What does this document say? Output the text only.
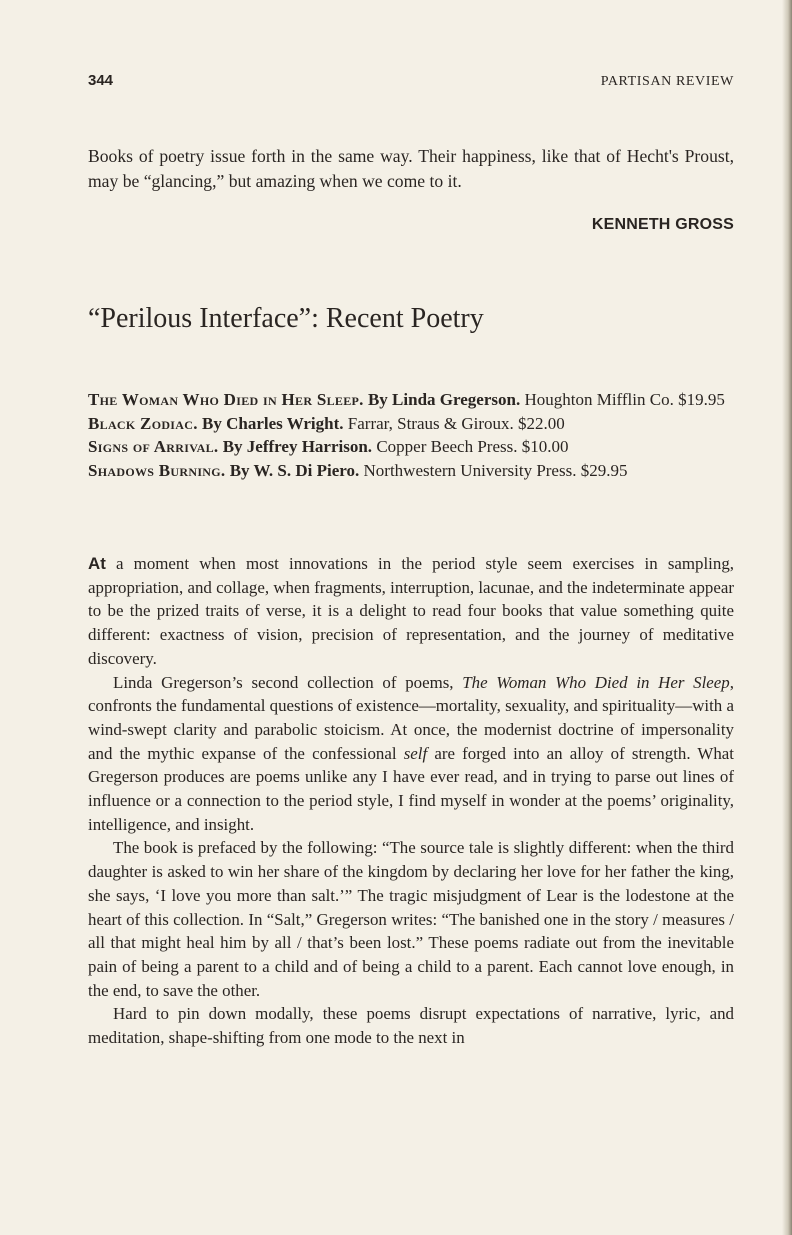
344	PARTISAN REVIEW

Books of poetry issue forth in the same way. Their happiness, like that of Hecht's Proust, may be “glancing,” but amazing when we come to it.

KENNETH GROSS
“Perilous Interface”: Recent Poetry

The Woman Who Died in Her Sleep. By Linda Gregerson. Houghton Mifflin Co. $19.95

Black Zodiac. By Charles Wright. Farrar, Straus & Giroux. $22.00

Signs of Arrival. By Jeffrey Harrison. Copper Beech Press. $10.00

Shadows Burning. By W. S. Di Piero. Northwestern University Press. $29.95

At a moment when most innovations in the period style seem exercises in sampling, appropriation, and collage, when fragments, interruption, lacunae, and the indeterminate appear to be the prized traits of verse, it is a delight to read four books that value something quite different: exactness of vision, precision of representation, and the journey of meditative discovery.

Linda Gregerson’s second collection of poems, The Woman Who Died in Her Sleep, confronts the fundamental questions of existence—mortality, sexuality, and spirituality—with a wind-swept clarity and parabolic stoicism. At once, the modernist doctrine of impersonality and the mythic expanse of the confessional self are forged into an alloy of strength. What Gregerson produces are poems unlike any I have ever read, and in trying to parse out lines of influence or a connection to the period style, I find myself in wonder at the poems’ originality, intelligence, and insight.

The book is prefaced by the following: “The source tale is slightly different: when the third daughter is asked to win her share of the kingdom by declaring her love for her father the king, she says, ‘I love you more than salt.’” The tragic misjudgment of Lear is the lodestone at the heart of this collection. In “Salt,” Gregerson writes: “The banished one in the story / measures / all that might heal him by all / that’s been lost.” These poems radiate out from the inevitable pain of being a parent to a child and of being a child to a parent. Each cannot love enough, in the end, to save the other.

Hard to pin down modally, these poems disrupt expectations of narrative, lyric, and meditation, shape-shifting from one mode to the next in
